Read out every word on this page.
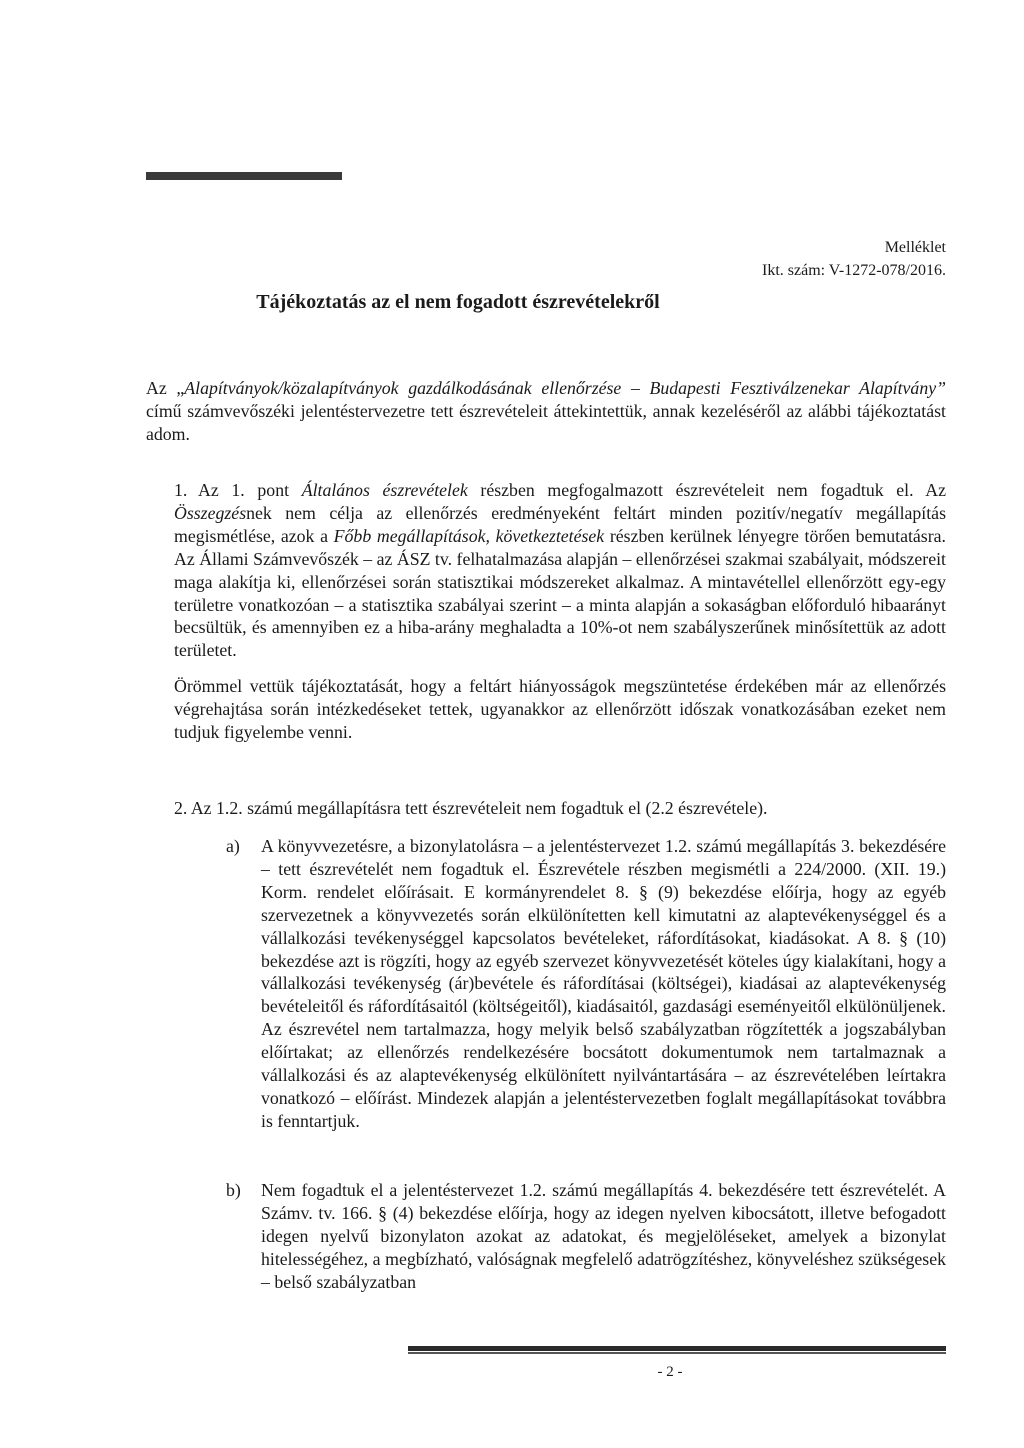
Melléklet
Ikt. szám: V-1272-078/2016.
Tájékoztatás az el nem fogadott észrevételekről

Az „Alapítványok/közalapítványok gazdálkodásának ellenőrzése – Budapesti Fesztiválzenekar Alapítvány” című számvevőszéki jelentéstervezetre tett észrevételeit áttekintettük, annak kezeléséről az alábbi tájékoztatást adom.

1. Az 1. pont Általános észrevételek részben megfogalmazott észrevételeit nem fogadtuk el. Az Összegzésnek nem célja az ellenőrzés eredményeként feltárt minden pozitív/negatív megállapítás megismétlése, azok a Főbb megállapítások, következtetések részben kerülnek lényegre törően bemutatásra. Az Állami Számvevőszék – az ÁSZ tv. felhatalmazása alapján – ellenőrzései szakmai szabályait, módszereit maga alakítja ki, ellenőrzései során statisztikai módszereket alkalmaz. A mintavétellel ellenőrzött egy-egy területre vonatkozóan – a statisztika szabályai szerint – a minta alapján a sokaságban előforduló hibaarányt becsültük, és amennyiben ez a hiba-arány meghaladta a 10%-ot nem szabályszerűnek minősítettük az adott területet.

Örömmel vettük tájékoztatását, hogy a feltárt hiányosságok megszüntetése érdekében már az ellenőrzés végrehajtása során intézkedéseket tettek, ugyanakkor az ellenőrzött időszak vonatkozásában ezeket nem tudjuk figyelembe venni.

2. Az 1.2. számú megállapításra tett észrevételeit nem fogadtuk el (2.2 észrevétele).
a)	A könyvvezetésre, a bizonylatolásra – a jelentéstervezet 1.2. számú megállapítás 3. bekezdésére – tett észrevételét nem fogadtuk el. Észrevétele részben megismétli a 224/2000. (XII. 19.) Korm. rendelet előírásait. E kormányrendelet 8. § (9) bekezdése előírja, hogy az egyéb szervezetnek a könyvvezetés során elkülönítetten kell kimutatni az alaptevékenységgel és a vállalkozási tevékenységgel kapcsolatos bevételeket, ráfordításokat, kiadásokat. A 8. § (10) bekezdése azt is rögzíti, hogy az egyéb szervezet könyvvezetését köteles úgy kialakítani, hogy a vállalkozási tevékenység (ár)bevétele és ráfordításai (költségei), kiadásai az alaptevékenység bevételeitől és ráfordításaitól (költségeitől), kiadásaitól, gazdasági eseményeitől elkülönüljenek. Az észrevétel nem tartalmazza, hogy melyik belső szabályzatban rögzítették a jogszabályban előírtakat; az ellenőrzés rendelkezésére bocsátott dokumentumok nem tartalmaznak a vállalkozási és az alaptevékenység elkülönített nyilvántartására – az észrevételében leírtakra vonatkozó – előírást. Mindezek alapján a jelentéstervezetben foglalt megállapításokat továbbra is fenntartjuk.

b)	Nem fogadtuk el a jelentéstervezet 1.2. számú megállapítás 4. bekezdésére tett észrevételét. A Számv. tv. 166. § (4) bekezdése előírja, hogy az idegen nyelven kibocsátott, illetve befogadott idegen nyelvű bizonylaton azokat az adatokat, és megjelöléseket, amelyek a bizonylat hitelességéhez, a megbízható, valóságnak megfelelő adatrögzítéshez, könyveléshez szükségesek – belső szabályzatban

- 2 -
